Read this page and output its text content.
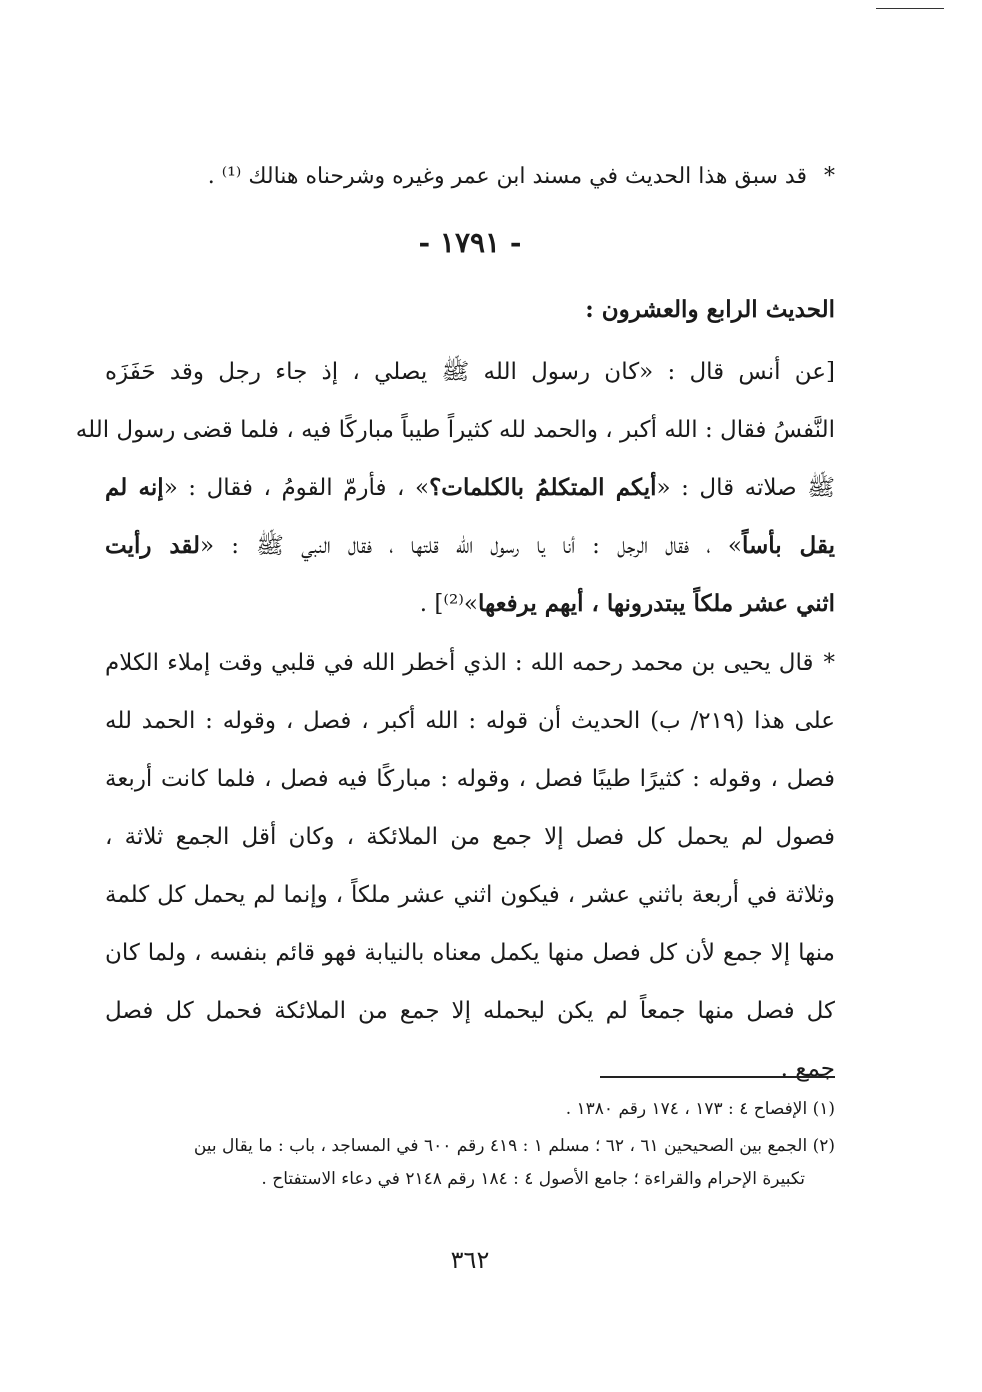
* قد سبق هذا الحديث في مسند ابن عمر وغيره وشرحناه هنالك ⁽¹⁾ .
- ١٧٩١ -
الحديث الرابع والعشرون :
[عن أنس قال : «كان رسول الله ﷺ يصلي ، إذ جاء رجل وقد حَفَزَه
النَّفسُ فقال : الله أكبر ، والحمد لله كثيراً طيباً مباركًا فيه ، فلما قضى رسول الله
ﷺ صلاته قال : «أيكم المتكلمُ بالكلمات؟» ، فأرمّ القومُ ، فقال : «إنه لم
يقل بأساً» ، فقال الرجل : أنا يا رسول الله قلتها ، فقال النبي ﷺ : «لقد رأيت
اثني عشر ملكاً يبتدرونها ، أيهم يرفعها»⁽²⁾] .
*قال يحيى بن محمد رحمه الله : الذي أخطر الله في قلبي وقت إملاء الكلام
على هذا (٢١٩/ ب) الحديث أن قوله : الله أكبر ، فصل ، وقوله : الحمد لله
فصل ، وقوله : كثيرًا طيبًا فصل ، وقوله : مباركًا فيه فصل ، فلما كانت أربعة
فصول لم يحمل كل فصل إلا جمع من الملائكة ، وكان أقل الجمع ثلاثة ،
وثلاثة في أربعة باثني عشر ، فيكون اثني عشر ملكاً ، وإنما لم يحمل كل كلمة
منها إلا جمع لأن كل فصل منها يكمل معناه بالنيابة فهو قائم بنفسه ، ولما كان
كل فصل منها جمعاً لم يكن ليحمله إلا جمع من الملائكة فحمل كل فصل
جمع .
(١) الإفصاح ٤ : ١٧٣ ، ١٧٤ رقم ١٣٨٠ .
(٢) الجمع بين الصحيحين ٦١ ، ٦٢ ؛ مسلم ١ : ٤١٩ رقم ٦٠٠ في المساجد ، باب : ما يقال بين
تكبيرة الإحرام والقراءة ؛ جامع الأصول ٤ : ١٨٤ رقم ٢١٤٨ في دعاء الاستفتاح .
٣٦٢
